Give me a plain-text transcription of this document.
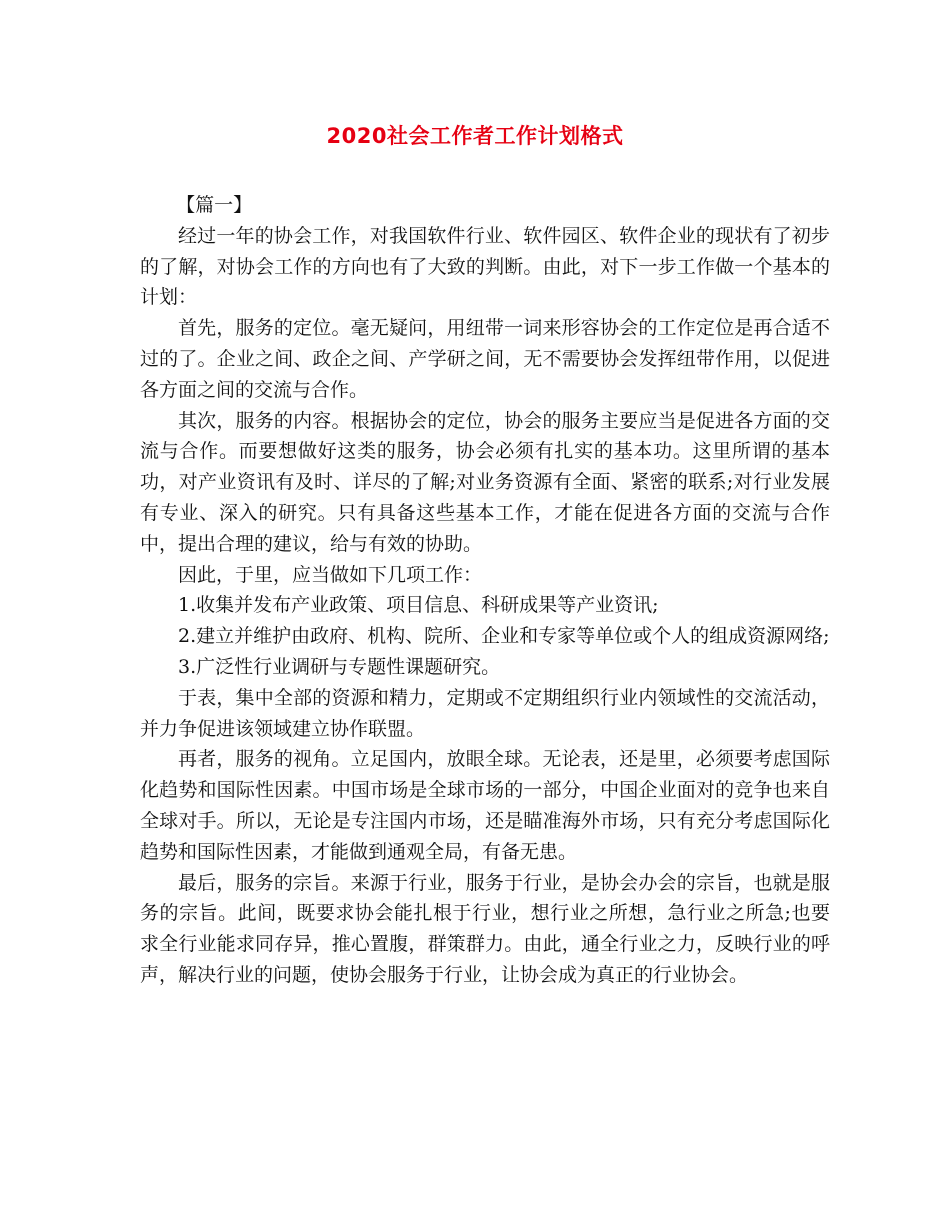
2020社会工作者工作计划格式

【篇一】

经过一年的协会工作，对我国软件行业、软件园区、软件企业的现状有了初步的了解，对协会工作的方向也有了大致的判断。由此，对下一步工作做一个基本的计划：

首先，服务的定位。毫无疑问，用纽带一词来形容协会的工作定位是再合适不过的了。企业之间、政企之间、产学研之间，无不需要协会发挥纽带作用，以促进各方面之间的交流与合作。

其次，服务的内容。根据协会的定位，协会的服务主要应当是促进各方面的交流与合作。而要想做好这类的服务，协会必须有扎实的基本功。这里所谓的基本功，对产业资讯有及时、详尽的了解;对业务资源有全面、紧密的联系;对行业发展有专业、深入的研究。只有具备这些基本工作，才能在促进各方面的交流与合作中，提出合理的建议，给与有效的协助。

因此，于里，应当做如下几项工作：

1.收集并发布产业政策、项目信息、科研成果等产业资讯;

2.建立并维护由政府、机构、院所、企业和专家等单位或个人的组成资源网络;

3.广泛性行业调研与专题性课题研究。

于表，集中全部的资源和精力，定期或不定期组织行业内领域性的交流活动，并力争促进该领域建立协作联盟。

再者，服务的视角。立足国内，放眼全球。无论表，还是里，必须要考虑国际化趋势和国际性因素。中国市场是全球市场的一部分，中国企业面对的竞争也来自全球对手。所以，无论是专注国内市场，还是瞄准海外市场，只有充分考虑国际化趋势和国际性因素，才能做到通观全局，有备无患。

最后，服务的宗旨。来源于行业，服务于行业，是协会办会的宗旨，也就是服务的宗旨。此间，既要求协会能扎根于行业，想行业之所想，急行业之所急;也要求全行业能求同存异，推心置腹，群策群力。由此，通全行业之力，反映行业的呼声，解决行业的问题，使协会服务于行业，让协会成为真正的行业协会。
